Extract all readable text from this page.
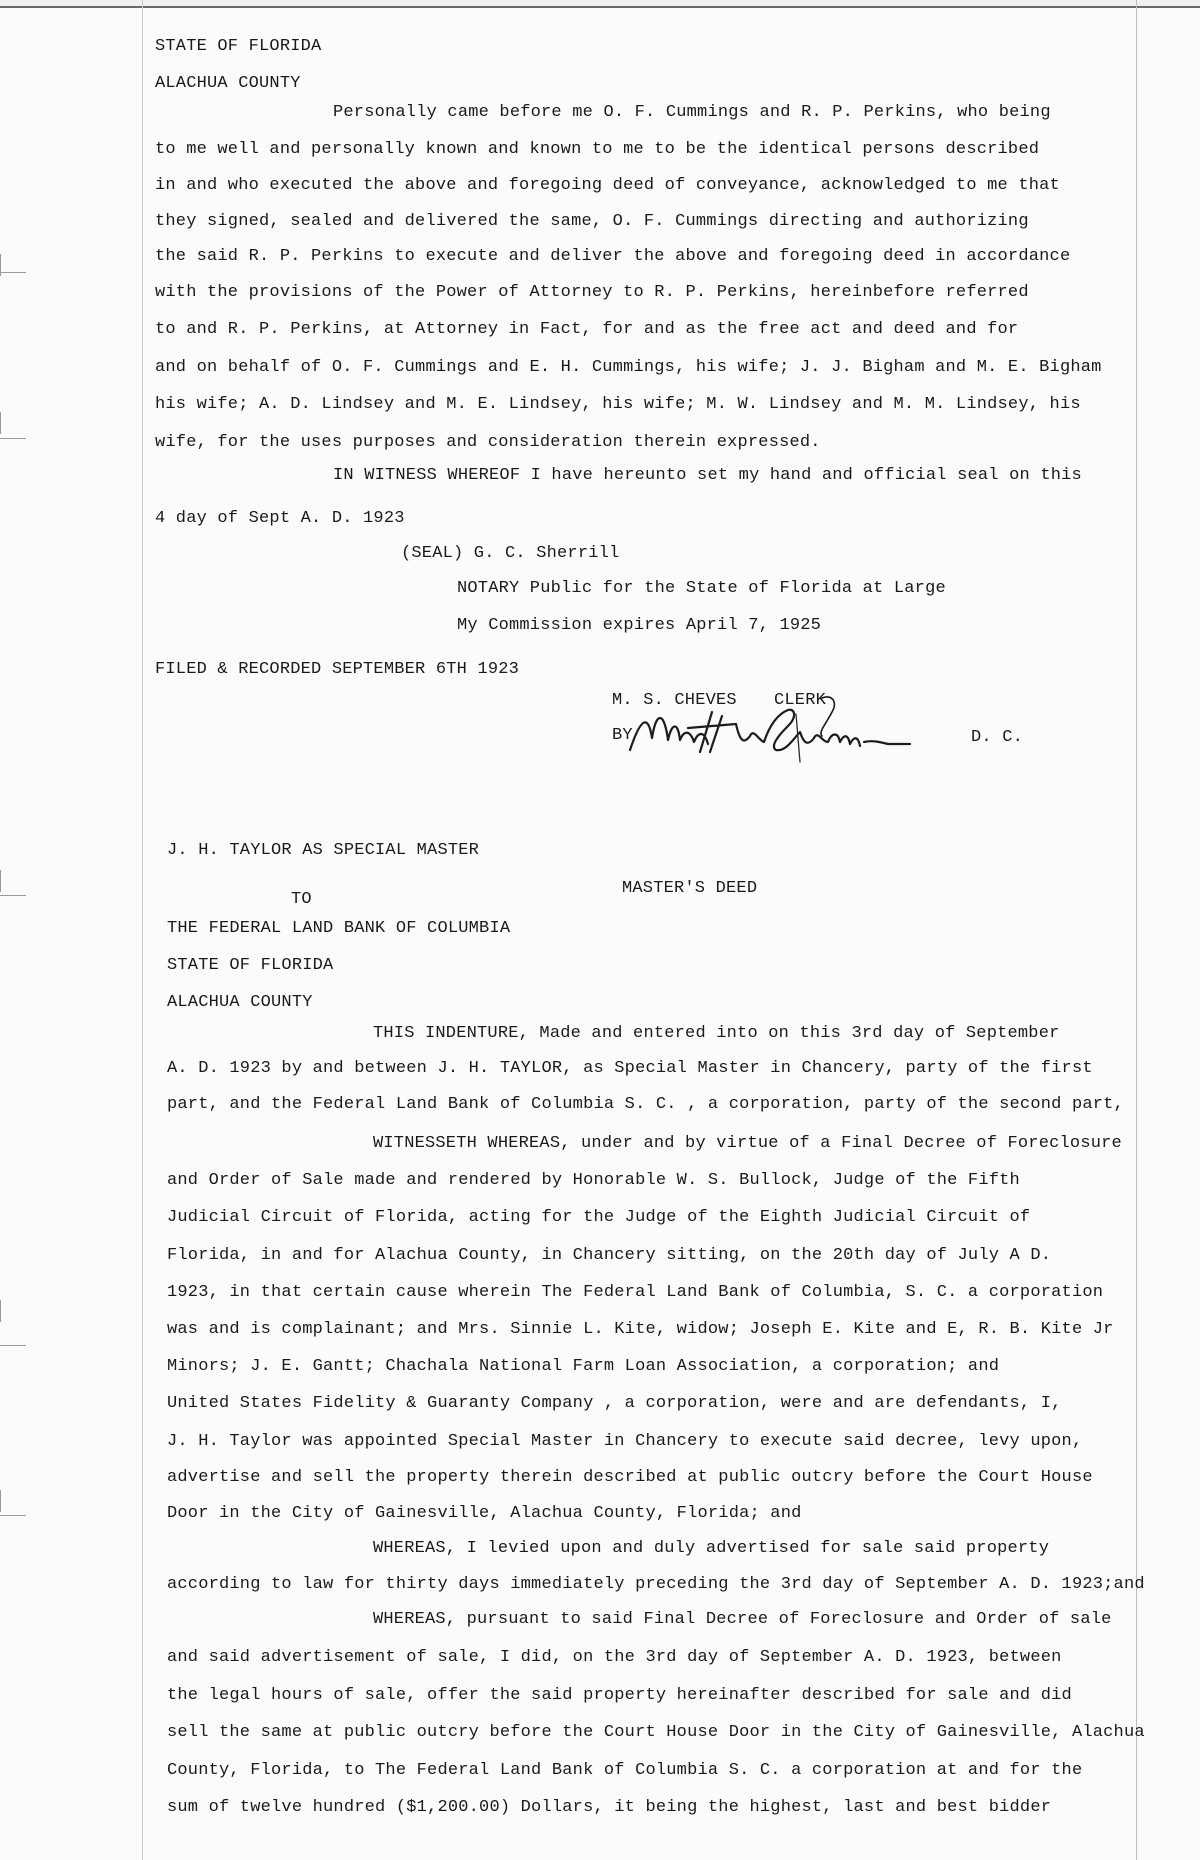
STATE OF FLORIDA
ALACHUA COUNTY
Personally came before me O. F. Cummings and R. P. Perkins, who being
to me well and personally known and known to me to be the identical persons described
in and who executed the above and foregoing deed of conveyance, acknowledged to me that
they signed, sealed and delivered the same, O. F. Cummings directing and authorizing
the said R. P. Perkins to execute and deliver the above and foregoing deed in accordance
with the provisions of the Power of Attorney to R. P. Perkins, hereinbefore referred
to and R. P. Perkins, at Attorney in Fact, for and as the free act and deed and for
and on behalf of O. F. Cummings and E. H. Cummings, his wife; J. J. Bigham and M. E. Bigham
his wife; A. D. Lindsey and M. E. Lindsey, his wife; M. W. Lindsey and M. M. Lindsey, his
wife, for the uses purposes and consideration therein expressed.
IN WITNESS WHEREOF I have hereunto set my hand and official seal on this
4 day of Sept A. D. 1923
(SEAL) G. C. Sherrill
NOTARY Public for the State of Florida at Large
My Commission expires April 7, 1925
FILED & RECORDED SEPTEMBER 6TH 1923
M. S. CHEVES CLERK
BY	D. C.
J. H. TAYLOR AS SPECIAL MASTER
TO
MASTER'S DEED
THE FEDERAL LAND BANK OF COLUMBIA
STATE OF FLORIDA
ALACHUA COUNTY
THIS INDENTURE, Made and entered into on this 3rd day of September
A. D. 1923 by and between J. H. TAYLOR, as Special Master in Chancery, party of the first
part, and the Federal Land Bank of Columbia S. C. , a corporation, party of the second part,
WITNESSETH WHEREAS, under and by virtue of a Final Decree of Foreclosure
and Order of Sale made and rendered by Honorable W. S. Bullock, Judge of the Fifth
Judicial Circuit of Florida, acting for the Judge of the Eighth Judicial Circuit of
Florida, in and for Alachua County, in Chancery sitting, on the 20th day of July A D.
1923, in that certain cause wherein The Federal Land Bank of Columbia, S. C. a corporation
was and is complainant; and Mrs. Sinnie L. Kite, widow; Joseph E. Kite and E, R. B. Kite Jr
Minors; J. E. Gantt; Chachala National Farm Loan Association, a corporation; and
United States Fidelity & Guaranty Company , a corporation, were and are defendants, I,
J. H. Taylor was appointed Special Master in Chancery to execute said decree, levy upon,
advertise and sell the property therein described at public outcry before the Court House
Door in the City of Gainesville, Alachua County, Florida; and
WHEREAS, I levied upon and duly advertised for sale said property
according to law for thirty days immediately preceding the 3rd day of September A. D. 1923;and
WHEREAS, pursuant to said Final Decree of Foreclosure and Order of sale
and said advertisement of sale, I did, on the 3rd day of September A. D. 1923, between
the legal hours of sale, offer the said property hereinafter described for sale and did
sell the same at public outcry before the Court House Door in the City of Gainesville, Alachua
County, Florida, to The Federal Land Bank of Columbia S. C. a corporation at and for the
sum of twelve hundred ($1,200.00) Dollars, it being the highest, last and best bidder
